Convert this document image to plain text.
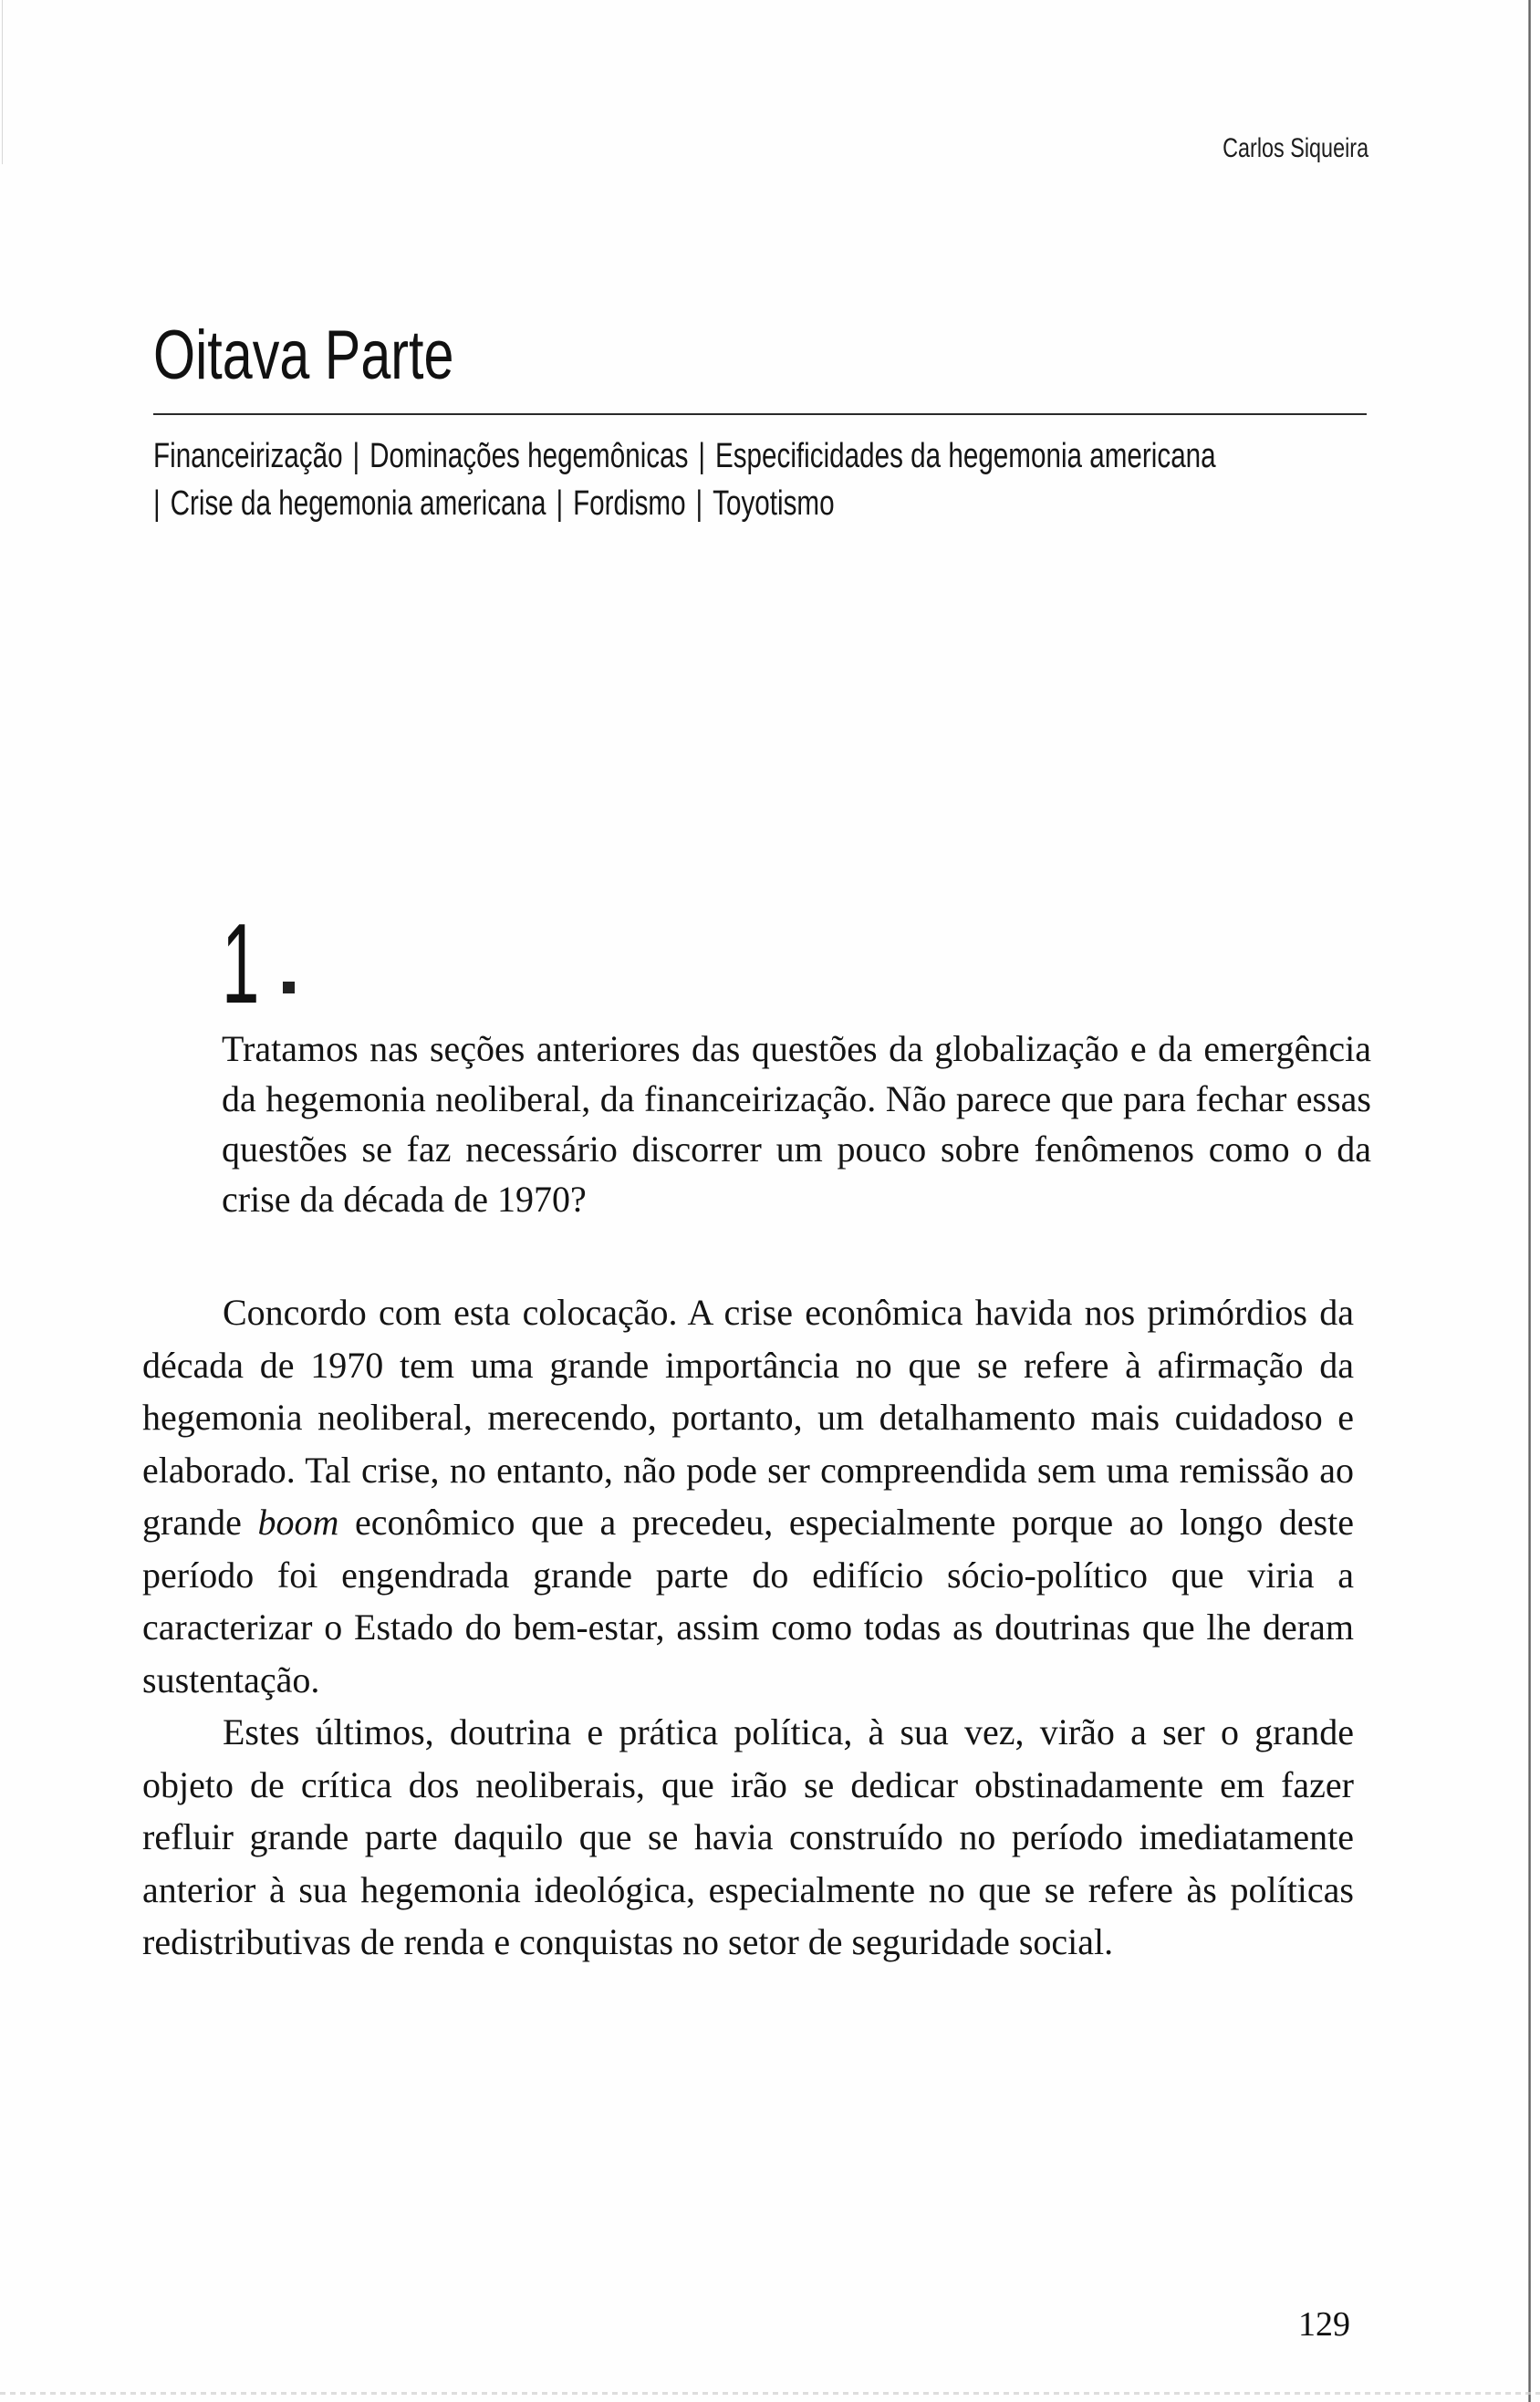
Carlos Siqueira
Oitava Parte
Financeirização | Dominações hegemônicas | Especificidades da hegemonia americana
| Crise da hegemonia americana | Fordismo | Toyotismo
1

Tratamos nas seções anteriores das questões da globalização e da emergência da hegemonia neoliberal, da financeirização. Não parece que para fechar essas questões se faz necessário discorrer um pouco sobre fenômenos como o da crise da década de 1970?

Concordo com esta colocação. A crise econômica havida nos primórdios da década de 1970 tem uma grande importância no que se refere à afirmação da hegemonia neoliberal, merecendo, portanto, um detalhamento mais cuidadoso e elaborado. Tal crise, no entanto, não pode ser compreendida sem uma remissão ao grande boom econômico que a precedeu, especialmente porque ao longo deste período foi engendrada grande parte do edifício sócio-político que viria a caracterizar o Estado do bem-estar, assim como todas as doutrinas que lhe deram sustentação.

Estes últimos, doutrina e prática política, à sua vez, virão a ser o grande objeto de crítica dos neoliberais, que irão se dedicar obstinadamente em fazer refluir grande parte daquilo que se havia construído no período imediatamente anterior à sua hegemonia ideológica, especialmente no que se refere às políticas redistributivas de renda e conquistas no setor de seguridade social.

129
